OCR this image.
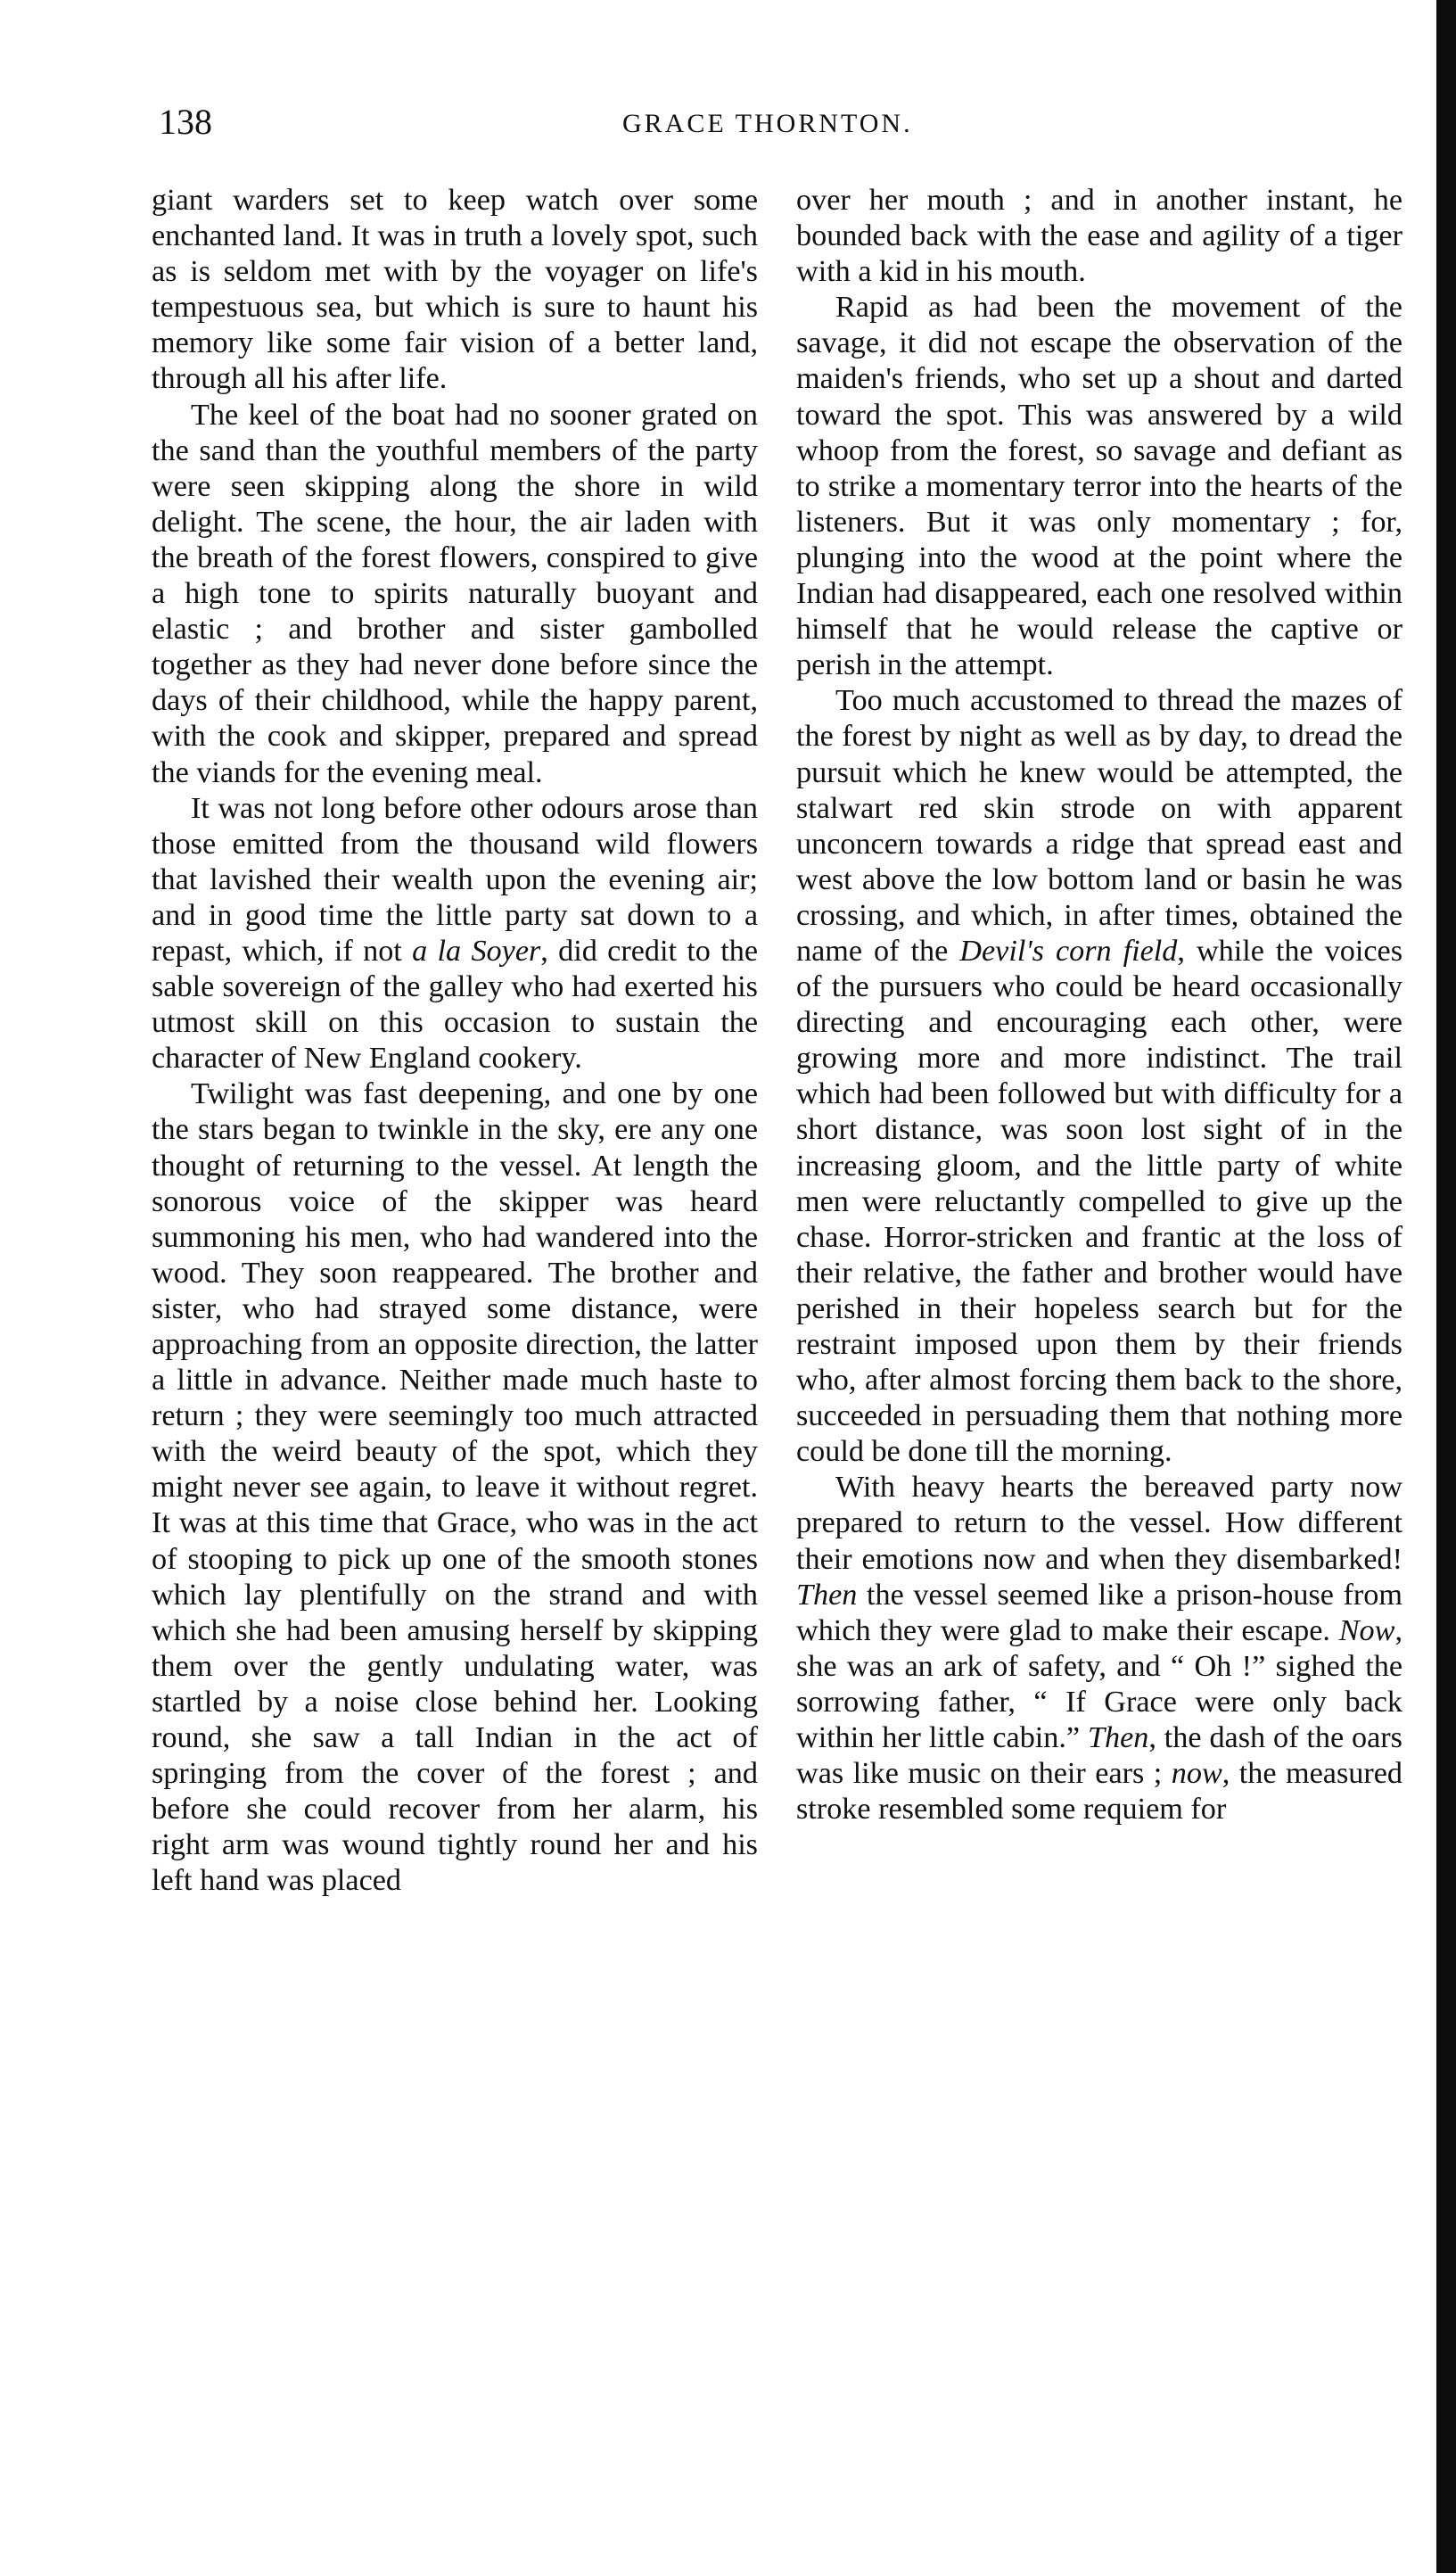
138	GRACE THORNTON.

giant warders set to keep watch over some enchanted land. It was in truth a lovely spot, such as is seldom met with by the voyager on life's tempestuous sea, but which is sure to haunt his memory like some fair vision of a better land, through all his after life.

The keel of the boat had no sooner grated on the sand than the youthful members of the party were seen skipping along the shore in wild delight. The scene, the hour, the air laden with the breath of the forest flowers, conspired to give a high tone to spirits naturally buoyant and elastic ; and brother and sister gambolled together as they had never done before since the days of their childhood, while the happy parent, with the cook and skipper, prepared and spread the viands for the evening meal.

It was not long before other odours arose than those emitted from the thousand wild flowers that lavished their wealth upon the evening air; and in good time the little party sat down to a repast, which, if not a la Soyer, did credit to the sable sovereign of the galley who had exerted his utmost skill on this occasion to sustain the character of New England cookery.

Twilight was fast deepening, and one by one the stars began to twinkle in the sky, ere any one thought of returning to the vessel. At length the sonorous voice of the skipper was heard summoning his men, who had wandered into the wood. They soon reappeared. The brother and sister, who had strayed some distance, were approaching from an opposite direction, the latter a little in advance. Neither made much haste to return ; they were seemingly too much attracted with the weird beauty of the spot, which they might never see again, to leave it without regret. It was at this time that Grace, who was in the act of stooping to pick up one of the smooth stones which lay plentifully on the strand and with which she had been amusing herself by skipping them over the gently undulating water, was startled by a noise close behind her. Looking round, she saw a tall Indian in the act of springing from the cover of the forest ; and before she could recover from her alarm, his right arm was wound tightly round her and his left hand was placed

over her mouth ; and in another instant, he bounded back with the ease and agility of a tiger with a kid in his mouth.

Rapid as had been the movement of the savage, it did not escape the observation of the maiden's friends, who set up a shout and darted toward the spot. This was answered by a wild whoop from the forest, so savage and defiant as to strike a momentary terror into the hearts of the listeners. But it was only momentary ; for, plunging into the wood at the point where the Indian had disappeared, each one resolved within himself that he would release the captive or perish in the attempt.

Too much accustomed to thread the mazes of the forest by night as well as by day, to dread the pursuit which he knew would be attempted, the stalwart red skin strode on with apparent unconcern towards a ridge that spread east and west above the low bottom land or basin he was crossing, and which, in after times, obtained the name of the Devil's corn field, while the voices of the pursuers who could be heard occasionally directing and encouraging each other, were growing more and more indistinct. The trail which had been followed but with difficulty for a short distance, was soon lost sight of in the increasing gloom, and the little party of white men were reluctantly compelled to give up the chase. Horror-stricken and frantic at the loss of their relative, the father and brother would have perished in their hopeless search but for the restraint imposed upon them by their friends who, after almost forcing them back to the shore, succeeded in persuading them that nothing more could be done till the morning.

With heavy hearts the bereaved party now prepared to return to the vessel. How different their emotions now and when they disembarked! Then the vessel seemed like a prison-house from which they were glad to make their escape. Now, she was an ark of safety, and “ Oh !” sighed the sorrowing father, “ If Grace were only back within her little cabin.” Then, the dash of the oars was like music on their ears ; now, the measured stroke resembled some requiem for
